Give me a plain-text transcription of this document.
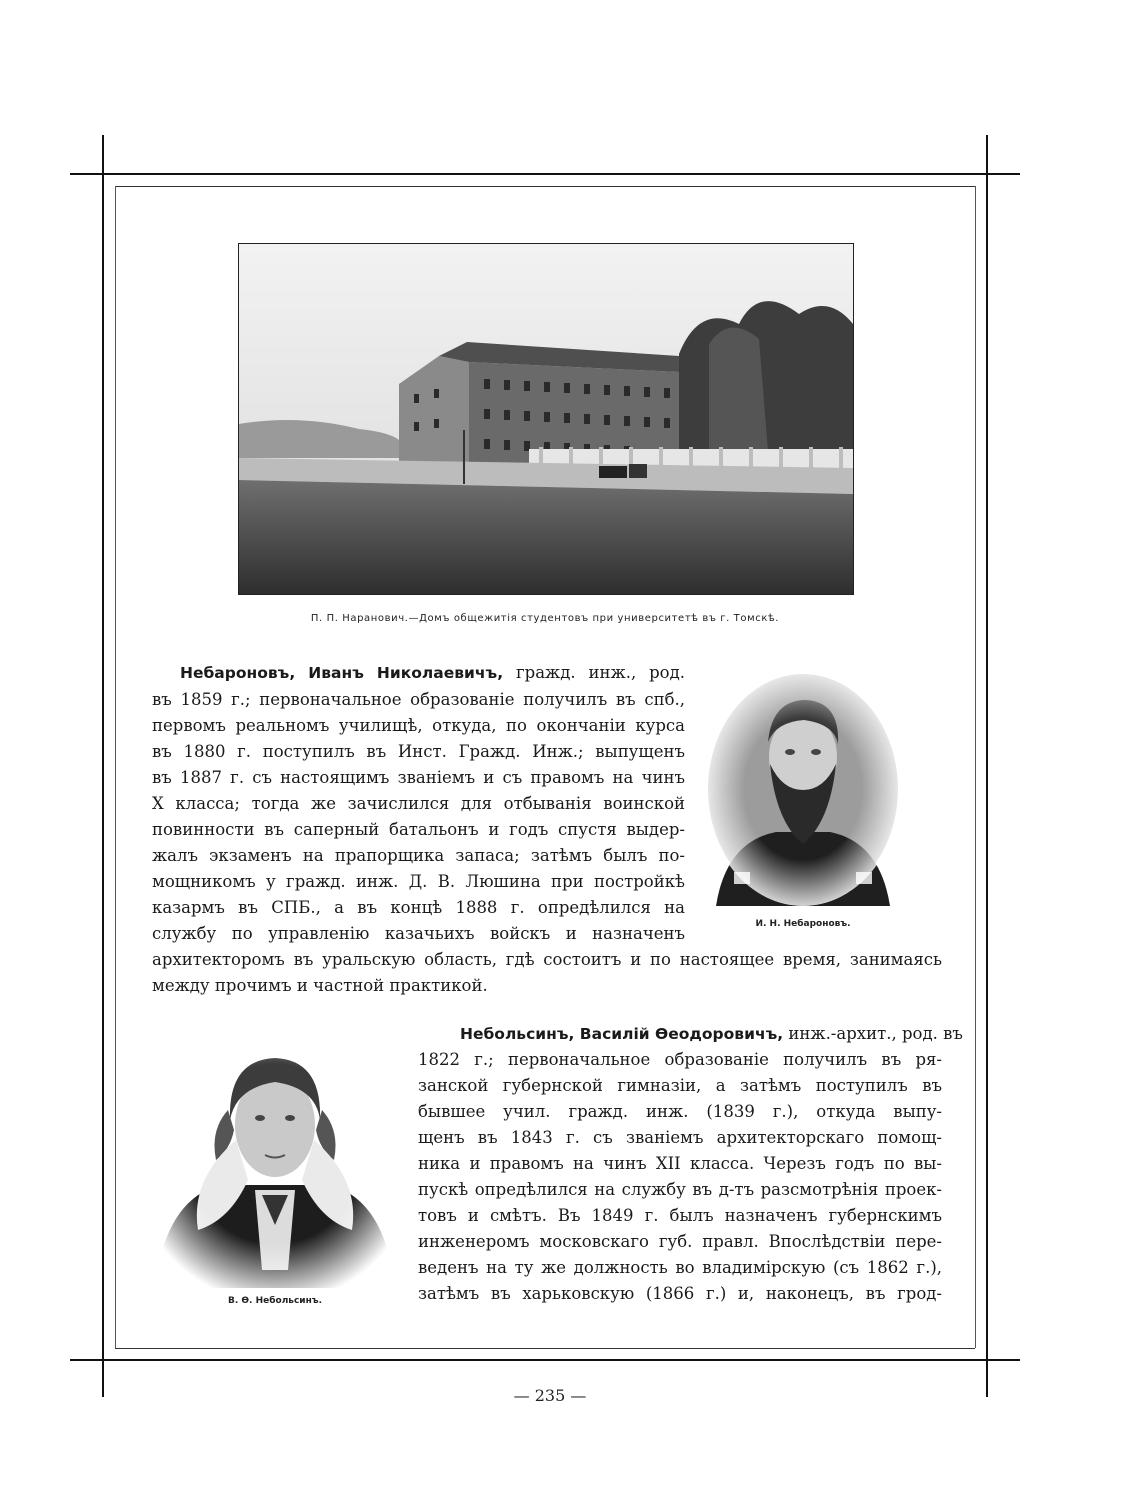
П. П. Наранович.—Домъ общежитія студентовъ при университетѣ въ г. Томскѣ.
Небароновъ, Иванъ Николаевичъ, гражд. инж., род.
въ 1859 г.; первоначальное образованіе получилъ въ спб.,
первомъ реальномъ училищѣ, откуда, по окончаніи курса
въ 1880 г. поступилъ въ Инст. Гражд. Инж.; выпущенъ
въ 1887 г. съ настоящимъ званіемъ и съ правомъ на чинъ
X класса; тогда же зачислился для отбыванія воинской
повинности въ саперный батальонъ и годъ спустя выдер-
жалъ экзаменъ на прапорщика запаса; затѣмъ былъ по-
мощникомъ у гражд. инж. Д. В. Люшина при постройкѣ
казармъ въ СПБ., а въ концѣ 1888 г. опредѣлился на
службу по управленію казачьихъ войскъ и назначенъ
архитекторомъ въ уральскую область, гдѣ состоитъ и по настоящее время, занимаясь
между прочимъ и частной практикой.
И. Н. Небароновъ.
Небольсинъ, Василій Ѳеодоровичъ, инж.-архит., род. въ
1822 г.; первоначальное образованіе получилъ въ ря-
занской губернской гимназіи, а затѣмъ поступилъ въ
бывшее учил. гражд. инж. (1839 г.), откуда выпу-
щенъ въ 1843 г. съ званіемъ архитекторскаго помощ-
ника и правомъ на чинъ XII класса. Черезъ годъ по вы-
пускѣ опредѣлился на службу въ д-тъ разсмотрѣнія проек-
товъ и смѣтъ. Въ 1849 г. былъ назначенъ губернскимъ
инженеромъ московскаго губ. правл. Впослѣдствіи пере-
веденъ на ту же должность во владимірскую (съ 1862 г.),
затѣмъ въ харьковскую (1866 г.) и, наконецъ, въ грод-
В. Ѳ. Небольсинъ.
— 235 —
